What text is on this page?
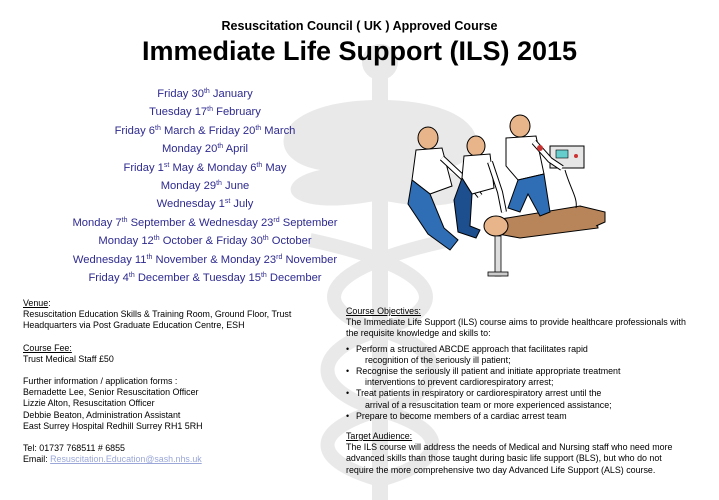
Resuscitation Council ( UK ) Approved Course
Immediate Life Support (ILS) 2015
Friday 30th January
Tuesday 17th February
Friday 6th March & Friday 20th March
Monday 20th April
Friday 1st May & Monday 6th May
Monday 29th June
Wednesday 1st July
Monday 7th September & Wednesday 23rd September
Monday 12th October & Friday 30th October
Wednesday 11th November & Monday 23rd November
Friday 4th December & Tuesday 15th December
Venue:
Resuscitation Education Skills & Training Room, Ground Floor, Trust
Headquarters via Post Graduate Education Centre, ESH
Course Fee:
Trust Medical Staff £50
Further information / application forms :
Bernadette Lee, Senior Resuscitation Officer
Lizzie Alton, Resuscitation Officer
Debbie Beaton, Administration Assistant
East Surrey Hospital Redhill Surrey RH1 5RH
Tel: 01737 768511 # 6855
Email: Resuscitation.Education@sash.nhs.uk
Course Objectives:
The Immediate Life Support (ILS) course aims to provide healthcare professionals with
the requisite knowledge and skills to:
• Perform a structured ABCDE approach that facilitates rapid
recognition of the seriously ill patient;
• Recognise the seriously ill patient and initiate appropriate treatment
interventions to prevent cardiorespiratory arrest;
• Treat patients in respiratory or cardiorespiratory arrest until the
arrival of a resuscitation team or more experienced assistance;
• Prepare to become members of a cardiac arrest team
Target Audience:
The ILS course will address the needs of Medical and Nursing staff who need more
advanced skills than those taught during basic life support (BLS), but who do not
require the more comprehensive two day Advanced Life Support (ALS) course.
